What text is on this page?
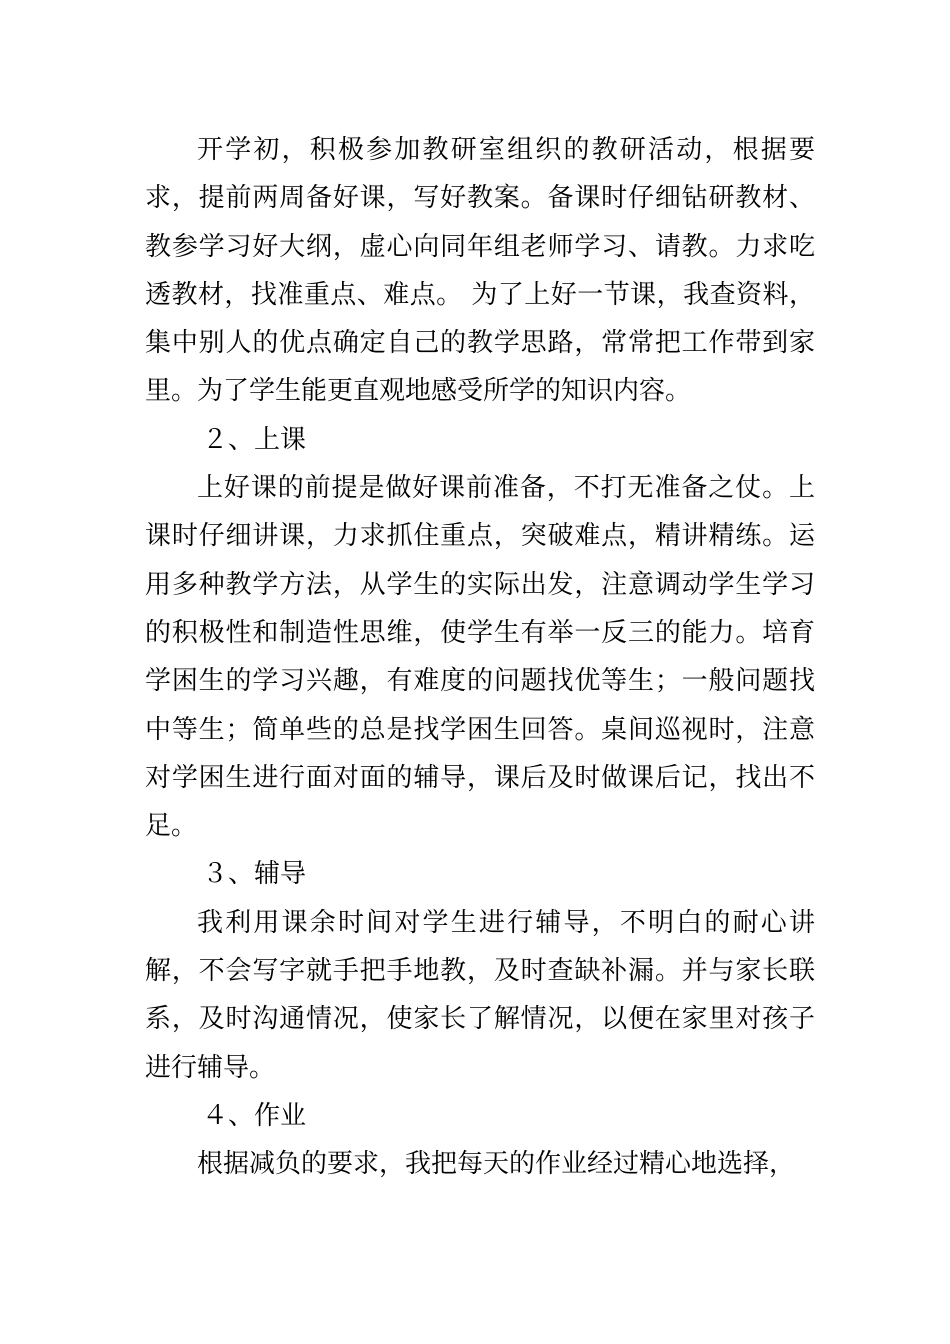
开学初，积极参加教研室组织的教研活动，根据要求，提前两周备好课，写好教案。备课时仔细钻研教材、教参学习好大纲，虚心向同年组老师学习、请教。力求吃透教材，找准重点、难点。 为了上好一节课，我查资料，集中别人的优点确定自己的教学思路，常常把工作带到家里。为了学生能更直观地感受所学的知识内容。

２、上课

上好课的前提是做好课前准备，不打无准备之仗。上课时仔细讲课，力求抓住重点，突破难点，精讲精练。运用多种教学方法，从学生的实际出发，注意调动学生学习的积极性和制造性思维，使学生有举一反三的能力。培育学困生的学习兴趣，有难度的问题找优等生；一般问题找中等生；简单些的总是找学困生回答。桌间巡视时，注意对学困生进行面对面的辅导，课后及时做课后记，找出不足。

３、辅导

我利用课余时间对学生进行辅导，不明白的耐心讲解，不会写字就手把手地教，及时查缺补漏。并与家长联系，及时沟通情况，使家长了解情况，以便在家里对孩子进行辅导。

４、作业

根据减负的要求，我把每天的作业经过精心地选择，
